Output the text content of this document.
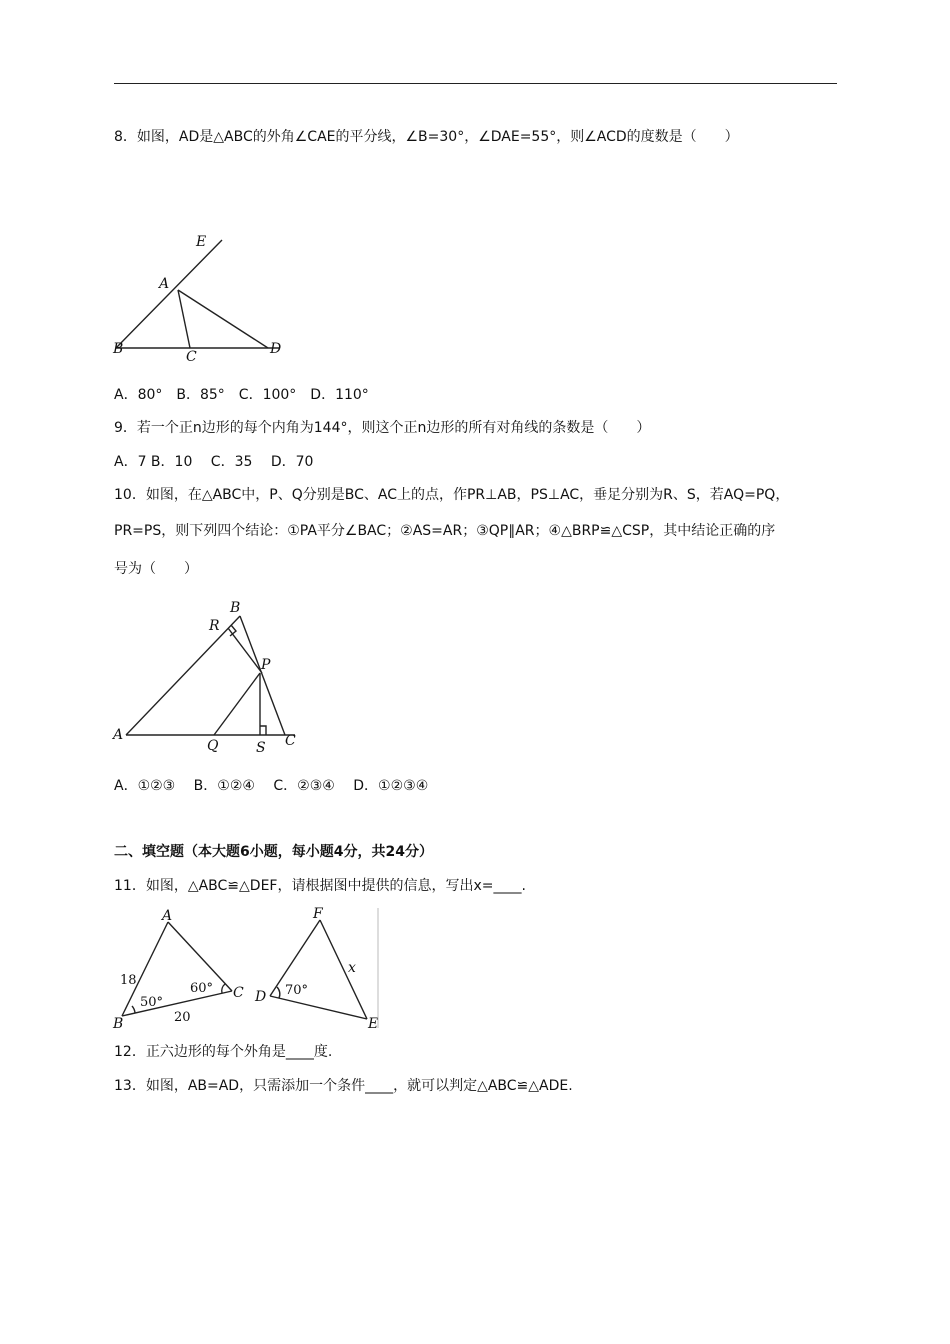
8．如图，AD是△ABC的外角∠CAE的平分线，∠B=30°，∠DAE=55°，则∠ACD的度数是（　　）
E
A
B	C	D
A．80°　B．85°　C．100°　D．110°
9．若一个正n边形的每个内角为144°，则这个正n边形的所有对角线的条数是（　　）
A．7 B．10　 C．35　 D．70
10．如图，在△ABC中，P、Q分别是BC、AC上的点，作PR⊥AB，PS⊥AC，垂足分别为R、S，若AQ=PQ，
PR=PS，则下列四个结论：①PA平分∠BAC；②AS=AR；③QP∥AR；④△BRP≌△CSP，其中结论正确的序
号为（　　）
B
R
P
A
Q	S C
A．①②③　 B．①②④　 C．②③④　 D．①②③④
二、填空题（本大题6小题，每小题4分，共24分）
11．如图，△ABC≌△DEF，请根据图中提供的信息，写出x=____.
A
B
C
18
20
50°
60°
F
D
E
x
70°
12．正六边形的每个外角是____度.
13．如图，AB=AD，只需添加一个条件____，就可以判定△ABC≌△ADE.
